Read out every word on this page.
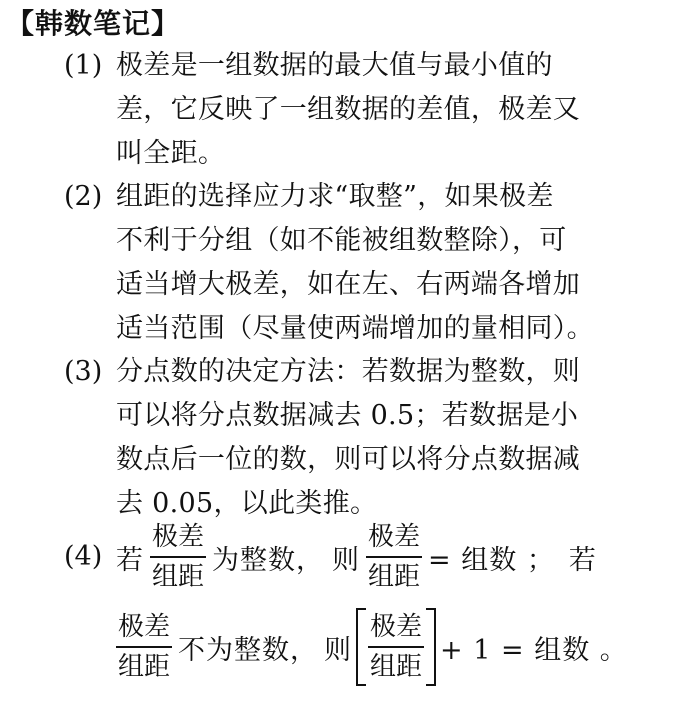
【韩数笔记】
(1) 极差是一组数据的最大值与最小值的
差，它反映了一组数据的差值，极差又
叫全距。
(2) 组距的选择应力求“取整”，如果极差
不利于分组（如不能被组数整除），可
适当增大极差，如在左、右两端各增加
适当范围（尽量使两端增加的量相同）。
(3) 分点数的决定方法：若数据为整数，则
可以将分点数据减去 0.5；若数据是小
数点后一位的数，则可以将分点数据减
去 0.05，以此类推。
(4) 若 $\frac{\text{极差}}{\text{组距}}$ 为整数， 则 $\frac{\text{极差}}{\text{组距}}$ = 组数 ； 若
$\frac{\text{极差}}{\text{组距}}$ 不为整数， 则 $\frac{\text{极差}}{\text{组距}} + 1$ = 组数 。
